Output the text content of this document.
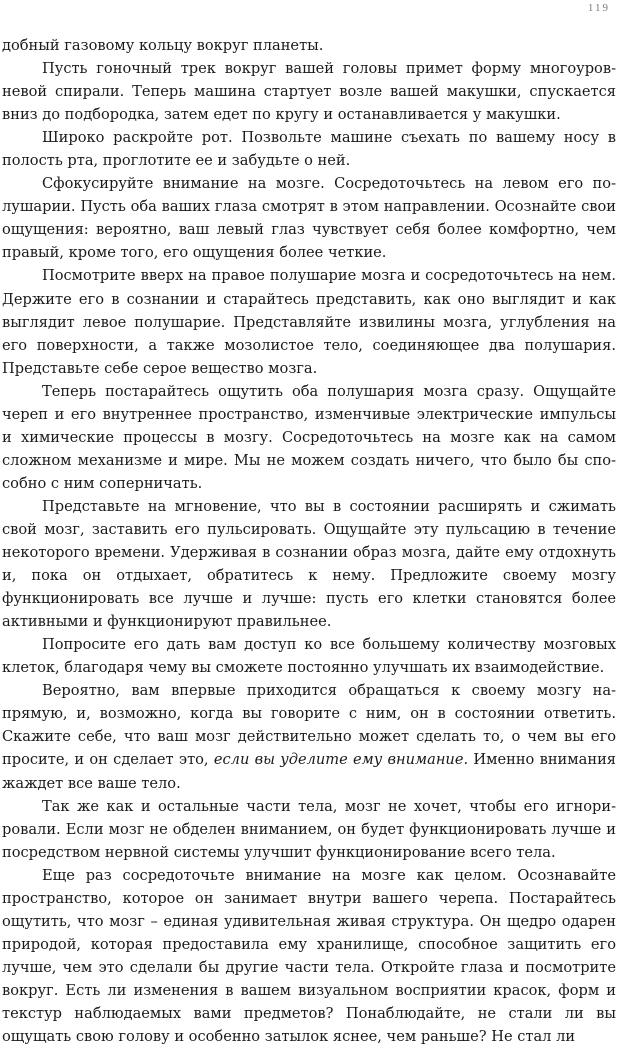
119

добный газовому кольцу вокруг планеты.

Пусть гоночный трек вокруг вашей головы примет форму многоуровневой спирали. Теперь машина стартует возле вашей макушки, спускается вниз до подбородка, затем едет по кругу и останавливается у макушки.

Широко раскройте рот. Позвольте машине съехать по вашему носу в полость рта, проглотите ее и забудьте о ней.

Сфокусируйте внимание на мозге. Сосредоточьтесь на левом его полушарии. Пусть оба ваших глаза смотрят в этом направлении. Осознайте свои ощущения: вероятно, ваш левый глаз чувствует себя более комфортно, чем правый, кроме того, его ощущения более четкие.

Посмотрите вверх на правое полушарие мозга и сосредоточьтесь на нем. Держите его в сознании и старайтесь представить, как оно выглядит и как выглядит левое полушарие. Представляйте извилины мозга, углубления на его поверхности, а также мозолистое тело, соединяющее два полушария. Представьте себе серое вещество мозга.

Теперь постарайтесь ощутить оба полушария мозга сразу. Ощущайте череп и его внутреннее пространство, изменчивые электрические импульсы и химические процессы в мозгу. Сосредоточьтесь на мозге как на самом сложном механизме и мире. Мы не можем создать ничего, что было бы способно с ним соперничать.

Представьте на мгновение, что вы в состоянии расширять и сжимать свой мозг, заставить его пульсировать. Ощущайте эту пульсацию в течение некоторого времени. Удерживая в сознании образ мозга, дайте ему отдохнуть и, пока он отдыхает, обратитесь к нему. Предложите своему мозгу функционировать все лучше и лучше: пусть его клетки становятся более активными и функционируют правильнее.

Попросите его дать вам доступ ко все большему количеству мозговых клеток, благодаря чему вы сможете постоянно улучшать их взаимодействие.

Вероятно, вам впервые приходится обращаться к своему мозгу напрямую, и, возможно, когда вы говорите с ним, он в состоянии ответить. Скажите себе, что ваш мозг действительно может сделать то, о чем вы его просите, и он сделает это, если вы уделите ему внимание. Именно внимания жаждет все ваше тело.

Так же как и остальные части тела, мозг не хочет, чтобы его игнорировали. Если мозг не обделен вниманием, он будет функционировать лучше и посредством нервной системы улучшит функционирование всего тела.

Еще раз сосредоточьте внимание на мозге как целом. Осознавайте пространство, которое он занимает внутри вашего черепа. Постарайтесь ощутить, что мозг – единая удивительная живая структура. Он щедро одарен природой, которая предоставила ему хранилище, способное защитить его лучше, чем это сделали бы другие части тела. Откройте глаза и посмотрите вокруг. Есть ли изменения в вашем визуальном восприятии красок, форм и текстур наблюдаемых вами предметов? Понаблюдайте, не стали ли вы ощущать свою голову и особенно затылок яснее, чем раньше? Не стал ли
